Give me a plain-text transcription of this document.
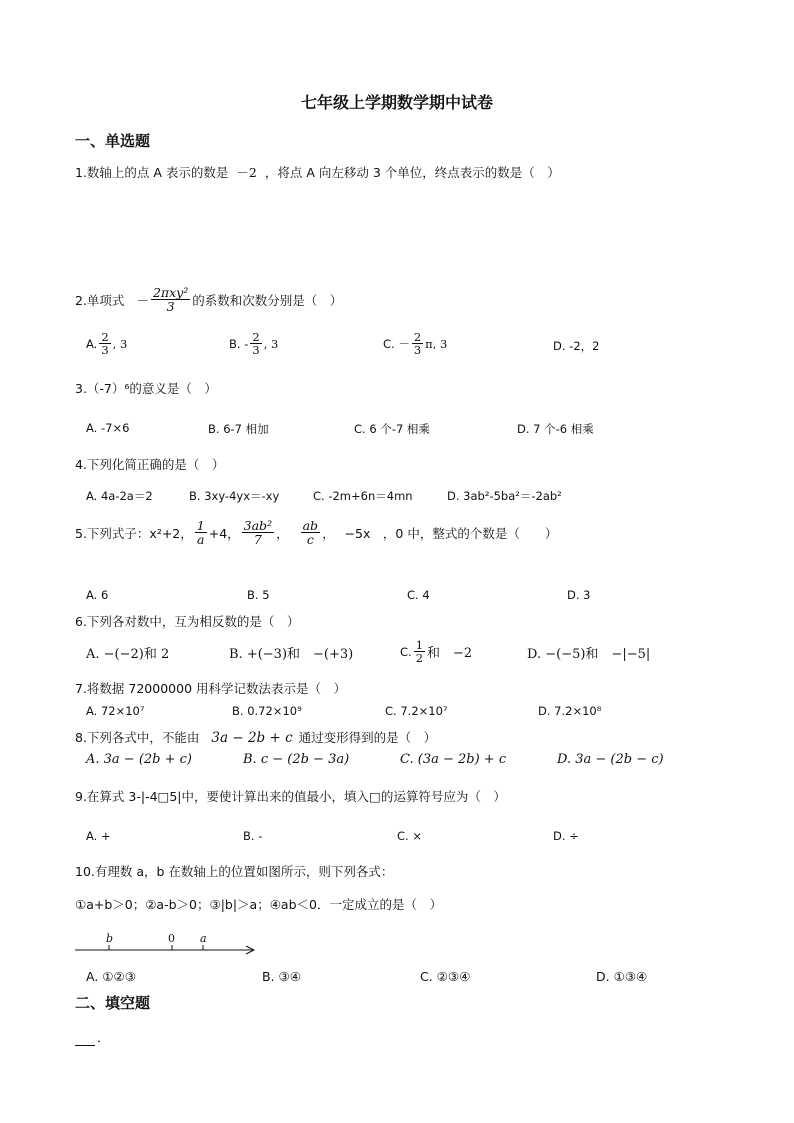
七年级上学期数学期中试卷
一、单选题
1.数轴上的点 A 表示的数是 －2 ，将点 A 向左移动 3 个单位，终点表示的数是（　）
2.单项式 － $\frac{\text{2πxy²}}{3}$ 的系数和次数分别是（　）
A. $\frac{2}{3}$ , 3	B. - $\frac{2}{3}$ , 3	C. － $\frac{2}{3} \pi$, 3	D. -2，2
3.（-7）⁶的意义是（　）
A. -7×6	B. 6-7 相加	C. 6 个-7 相乘	D. 7 个-6 相乘
4.下列化简正确的是（　）
A. 4a-2a＝2	B. 3xy-4yx＝-xy	C. -2m+6n＝4mn	D. 3ab²-5ba²＝-2ab²
5.下列式子：x²+2， $\frac{1}{a} +4$， $\frac{\text{3ab²}}{7}$ ， $\frac{ab}{c}$ ， −5x　，0 中，整式的个数是（　　）
A. 6	B. 5	C. 4	D. 3
6.下列各对数中，互为相反数的是（　）
A. −(−2)和 2	B. +(−3)和　−(+3)	C. $\frac{1}{2}$ 和　−2	D. −(−5)和　−|−5|
7.将数据 72000000 用科学记数法表示是（　）
A. 72×10⁷	B. 0.72×10⁹	C. 7.2×10⁷	D. 7.2×10⁸
8.下列各式中，不能由 3a − 2b + c 通过变形得到的是（　）
A. 3a − (2b + c)	B. c − (2b − 3a)	C. (3a − 2b) + c	D. 3a − (2b − c)
9.在算式 3-|-4□5|中，要使计算出来的值最小，填入□的运算符号应为（　）
A. +	B. -	C. ×	D. ÷
10.有理数 a，b 在数轴上的位置如图所示，则下列各式：
①a+b＞0；②a-b＞0；③|b|＞a；④ab＜0．一定成立的是（　）
b	0 a
A. ①②③	B. ③④	C. ②③④	D. ①③④
二、填空题
．
